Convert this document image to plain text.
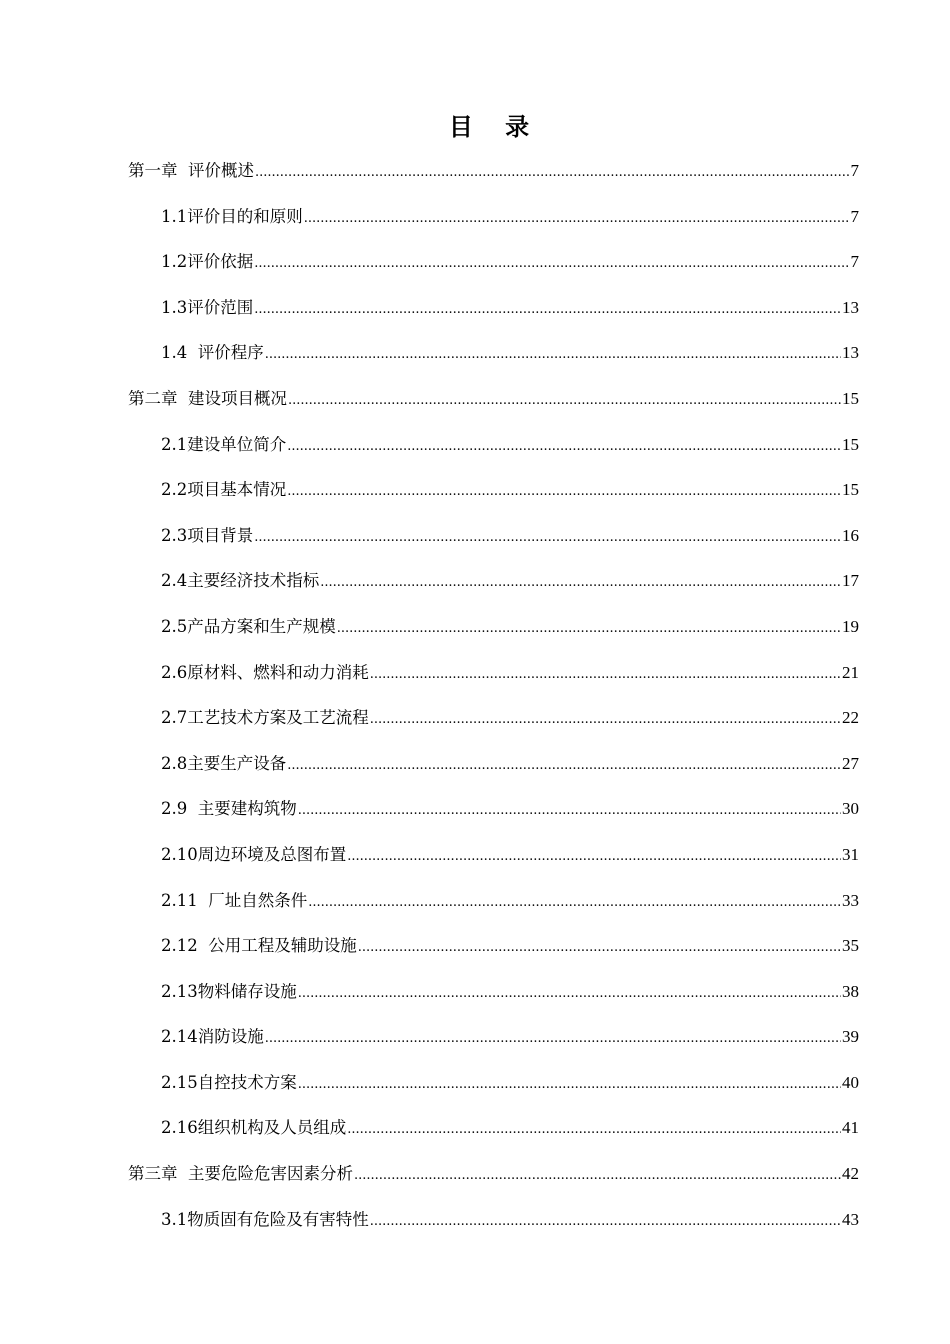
目 录
第一章  评价概述 .....	7
1.1评价目的和原则 .....	7
1.2评价依据 .....	7
1.3评价范围 .....	13
1.4  评价程序 .....	13
第二章  建设项目概况 .....	15
2.1建设单位简介 .....	15
2.2项目基本情况 .....	15
2.3项目背景 .....	16
2.4主要经济技术指标 .....	17
2.5产品方案和生产规模 .....	19
2.6原材料、燃料和动力消耗 .....	21
2.7工艺技术方案及工艺流程 .....	22
2.8主要生产设备 .....	27
2.9  主要建构筑物 .....	30
2.10周边环境及总图布置 .....	31
2.11  厂址自然条件 .....	33
2.12  公用工程及辅助设施 .....	35
2.13物料储存设施 .....	38
2.14消防设施 .....	39
2.15自控技术方案 .....	40
2.16组织机构及人员组成 .....	41
第三章  主要危险危害因素分析 .....	42
3.1物质固有危险及有害特性 .....	43
